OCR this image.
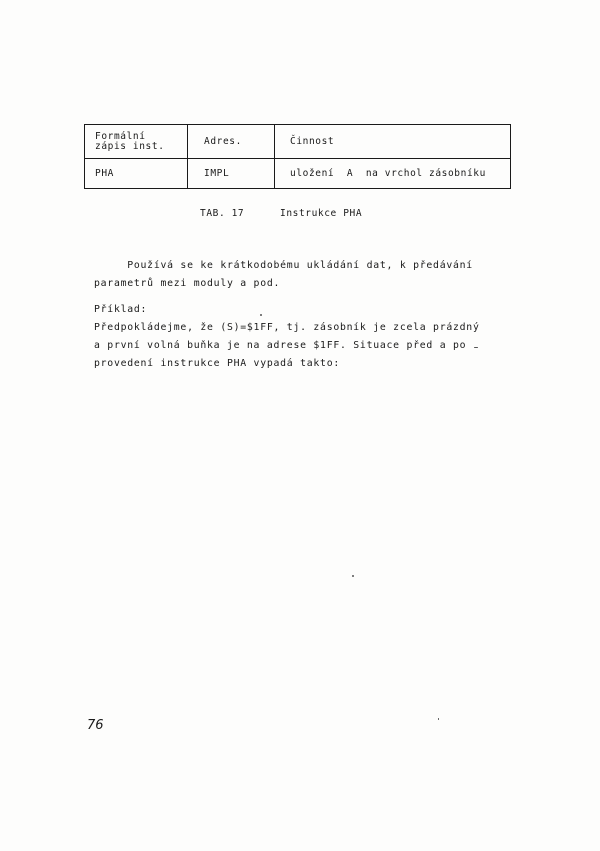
Formální
zápis inst.	Adres.	Činnost
PHA	IMPL	uložení  A  na vrchol zásobníku
TAB. 17	Instrukce PHA
Používá se ke krátkodobému ukládání dat, k předávání
parametrů mezi moduly a pod.
Příklad:
Předpokládejme, že (S)=$1FF, tj. zásobník je zcela prázdný
a první volná buňka je na adrese $1FF. Situace před a po
provedení instrukce PHA vypadá takto:
76
